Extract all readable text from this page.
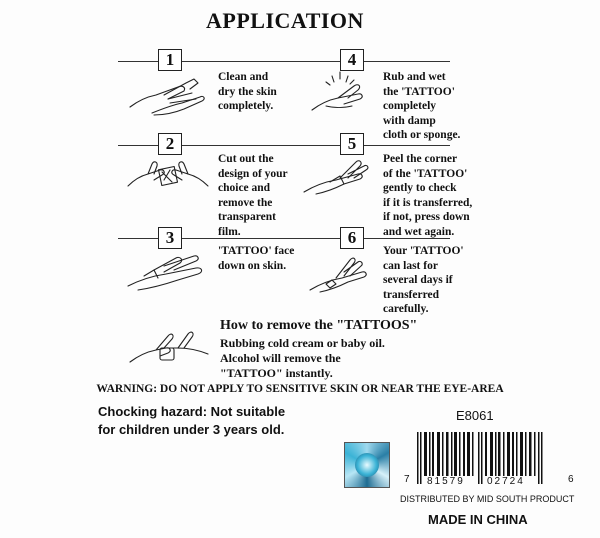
APPLICATION
1
Clean and
dry the skin
completely.
4
Rub and wet
the 'TATTOO'
completely
with damp
cloth or sponge.
2
Cut out the
design of your
choice and
remove the
transparent
film.
5
Peel the corner
of the 'TATTOO'
gently to check
if it is transferred,
if not, press down
and wet again.
3
'TATTOO' face
down on skin.
6
Your 'TATTOO'
can last for
several days if
transferred
carefully.
How to remove the "TATTOOS"
Rubbing cold cream or baby oil.
Alcohol will remove the
"TATTOO" instantly.
WARNING: DO NOT APPLY TO SENSITIVE SKIN OR NEAR THE EYE-AREA
Chocking hazard: Not suitable
for children under 3 years old.
E8061
7 81579 02724	6
DISTRIBUTED BY MID SOUTH PRODUCT
MADE IN CHINA
